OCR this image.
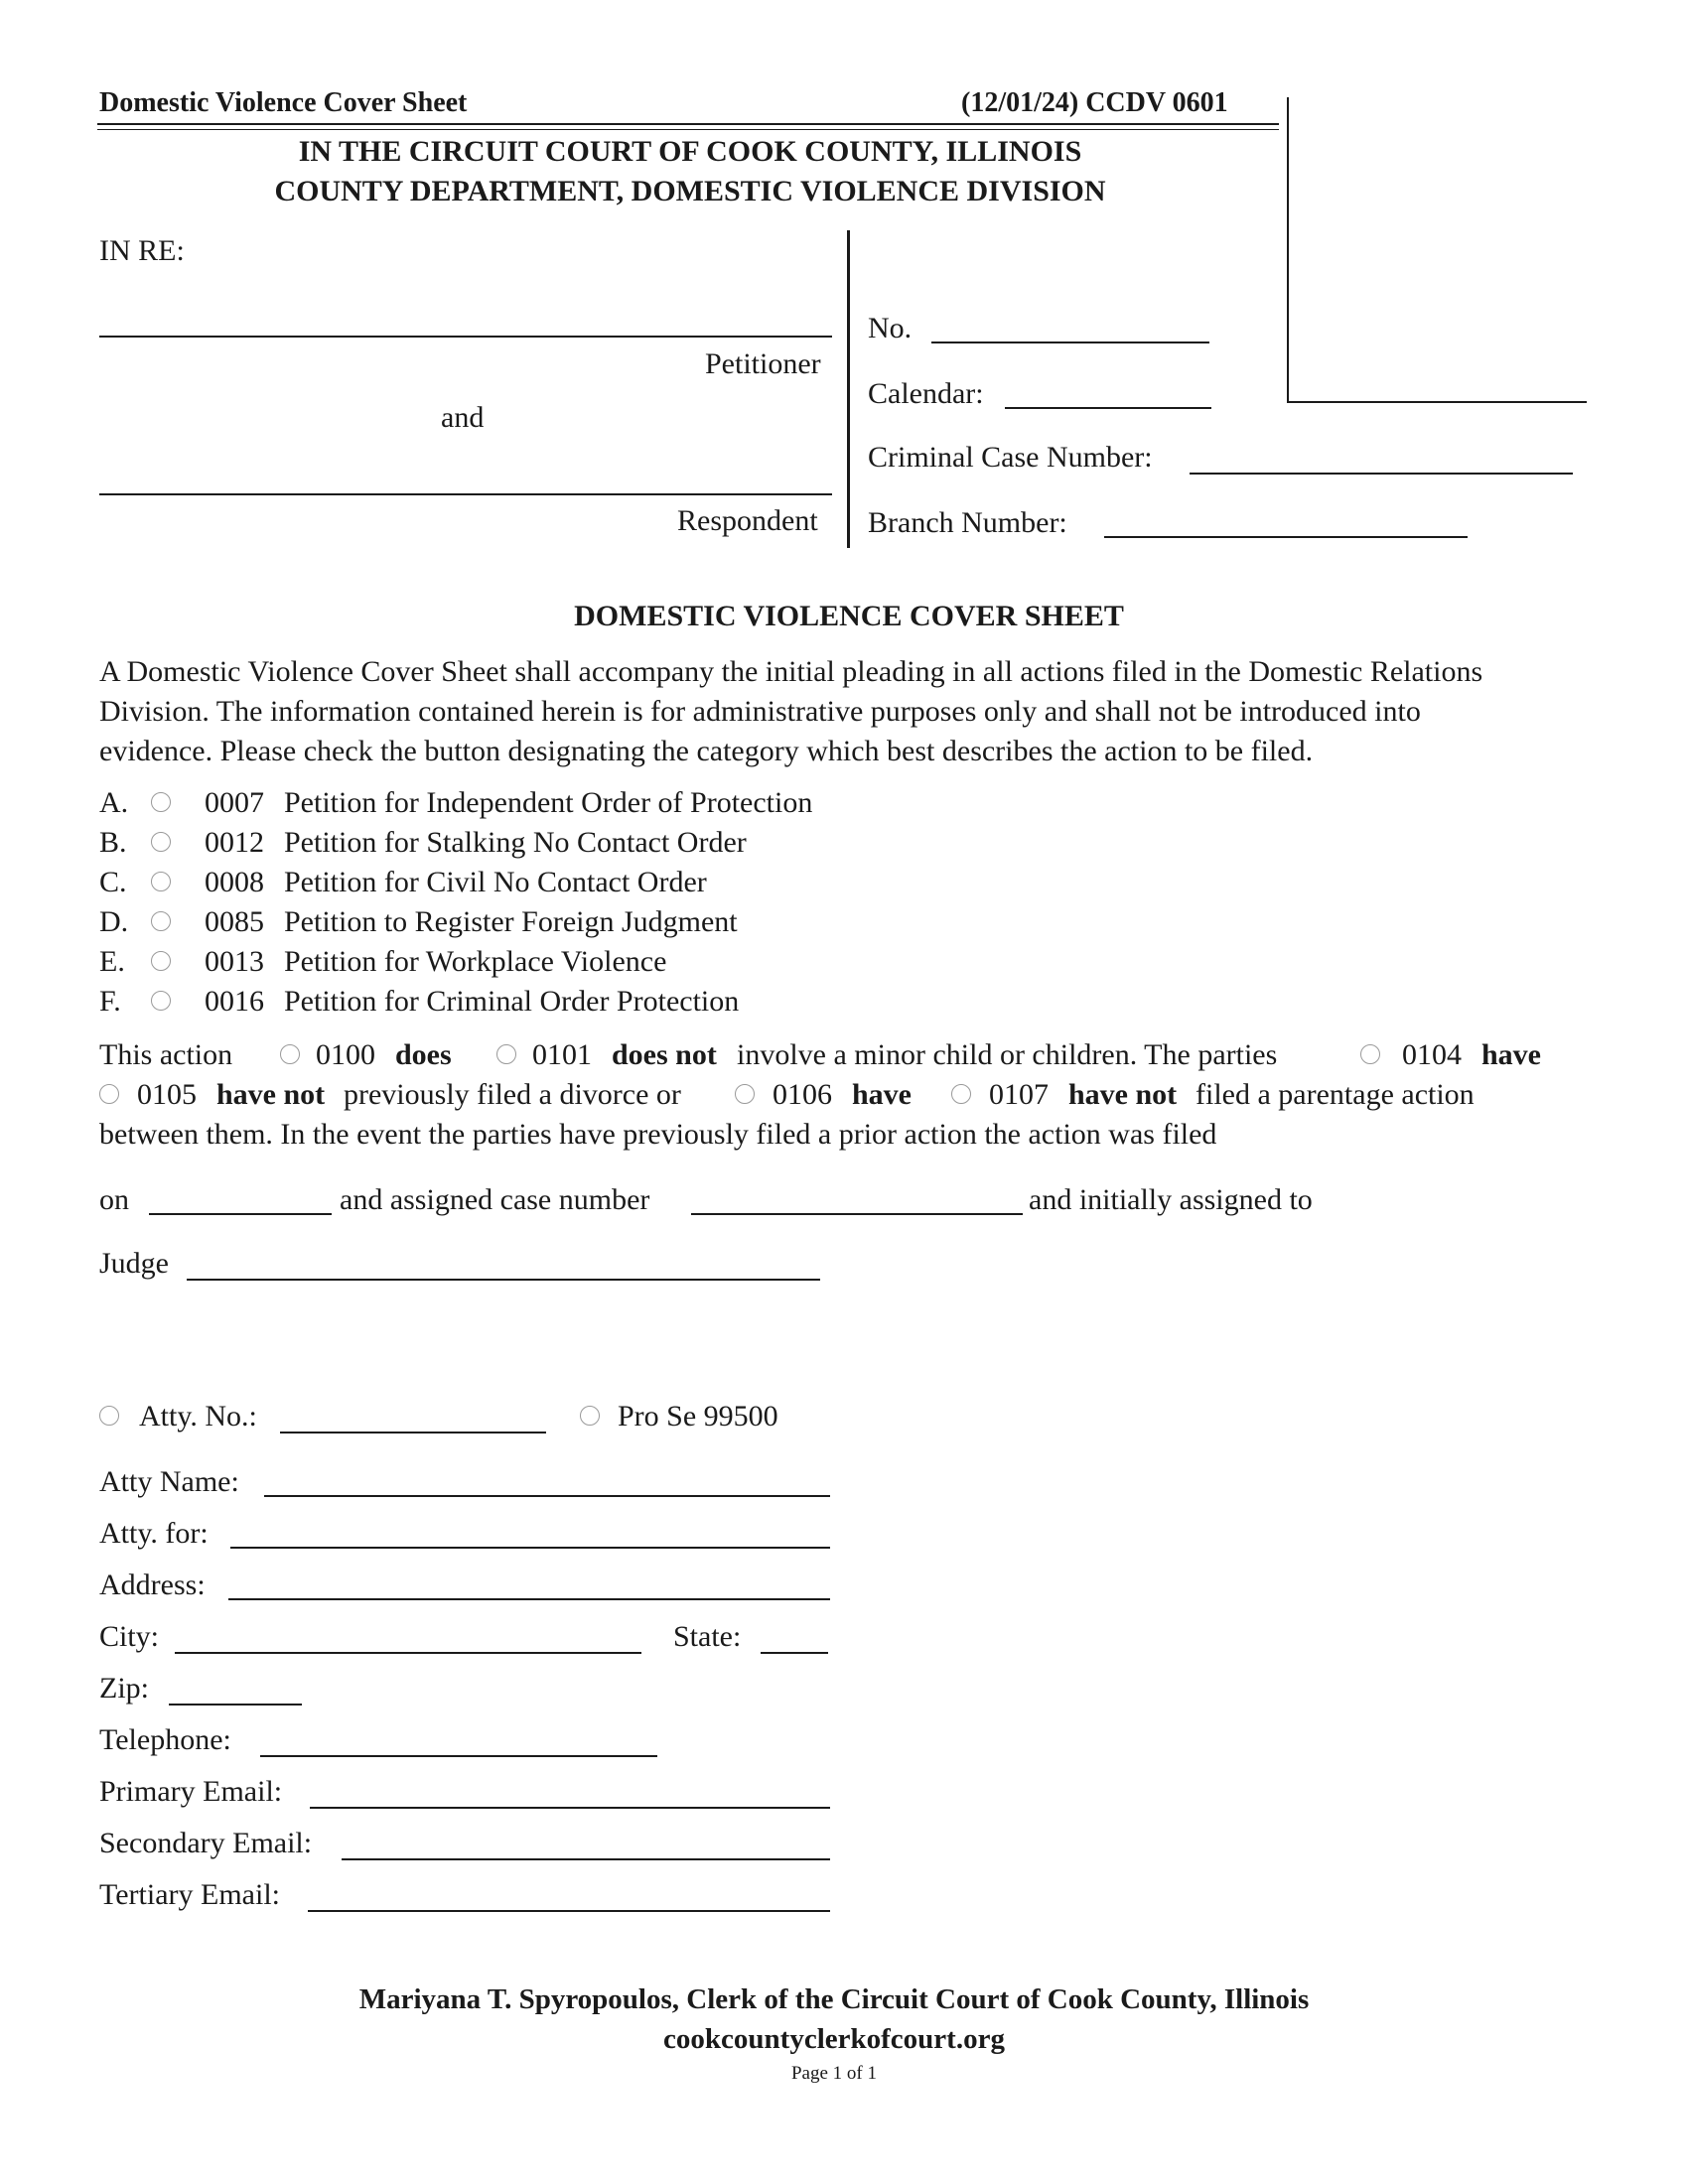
Domestic Violence Cover Sheet	(12/01/24) CCDV 0601
IN THE CIRCUIT COURT OF COOK COUNTY, ILLINOIS
COUNTY DEPARTMENT, DOMESTIC VIOLENCE DIVISION
IN RE:
Petitioner
and
Respondent
No.
Calendar:
Criminal Case Number:
Branch Number:
DOMESTIC VIOLENCE COVER SHEET
A Domestic Violence Cover Sheet shall accompany the initial pleading in all actions filed in the Domestic Relations
Division. The information contained herein is for administrative purposes only and shall not be introduced into
evidence. Please check the button designating the category which best describes the action to be filed.
A.	0007 Petition for Independent Order of Protection
B.	0012 Petition for Stalking No Contact Order
C.	0008 Petition for Civil No Contact Order
D.	0085 Petition to Register Foreign Judgment
E.	0013 Petition for Workplace Violence
F.	0016 Petition for Criminal Order Protection
This action	0100 does	0101 does not involve a minor child or children. The parties	0104 have
0105 have not previously filed a divorce or	0106 have	0107 have not filed a parentage action
between them. In the event the parties have previously filed a prior action the action was filed
on	and assigned case number	and initially assigned to
Judge
Atty. No.:	Pro Se 99500
Atty Name:
Atty. for:
Address:
City:	State:
Zip:
Telephone:
Primary Email:
Secondary Email:
Tertiary Email:
Mariyana T. Spyropoulos, Clerk of the Circuit Court of Cook County, Illinois
cookcountyclerkofcourt.org
Page 1 of 1
